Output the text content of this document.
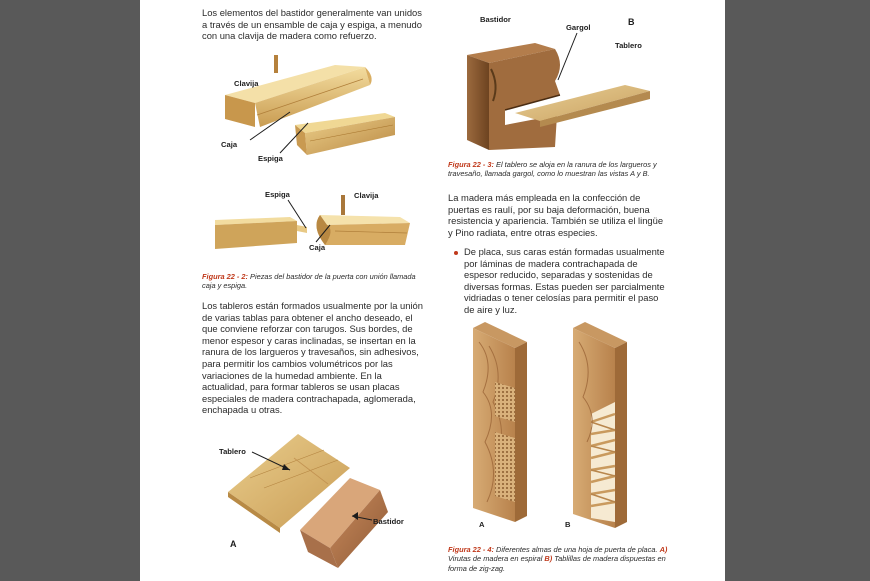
Los elementos del bastidor generalmente van unidos a través de un ensamble de caja y espiga, a menudo con una clavija de madera como refuerzo.
Clavija
Caja
Espiga
Espiga	Clavija
Caja
Figura 22 - 2: Piezas del bastidor de la puerta con unión llamada caja y espiga.
Los tableros están formados usualmente por la unión de varias tablas para obtener el ancho deseado, el que conviene reforzar con tarugos. Sus bordes, de menor espesor y caras inclinadas, se insertan en la ranura de los largueros y travesaños, sin adhesivos, para permitir los cambios volumétricos por las variaciones de la humedad ambiente. En la actualidad, para formar tableros se usan placas especiales de madera contrachapada, aglomerada, enchapada u otras.
Tablero
Bastidor
A
Bastidor
Gargol
Tablero
B
Figura 22 - 3: El tablero se aloja en la ranura de los largueros y travesaño, llamada gargol, como lo muestran las vistas A y B.
La madera más empleada en la confección de puertas es raulí, por su baja deformación, buena resistencia y apariencia. También se utiliza el lingüe y Pino radiata, entre otras especies.
De placa, sus caras están formadas usualmente por láminas de madera contrachapada de espesor reducido, separadas y sostenidas de diversas formas. Estas pueden ser parcialmente vidriadas o tener celosías para permitir el paso de aire y luz.
A	B
Figura 22 - 4: Diferentes almas de una hoja de puerta de placa. A) Virutas de madera en espiral B) Tablillas de madera dispuestas en forma de zig-zag.
